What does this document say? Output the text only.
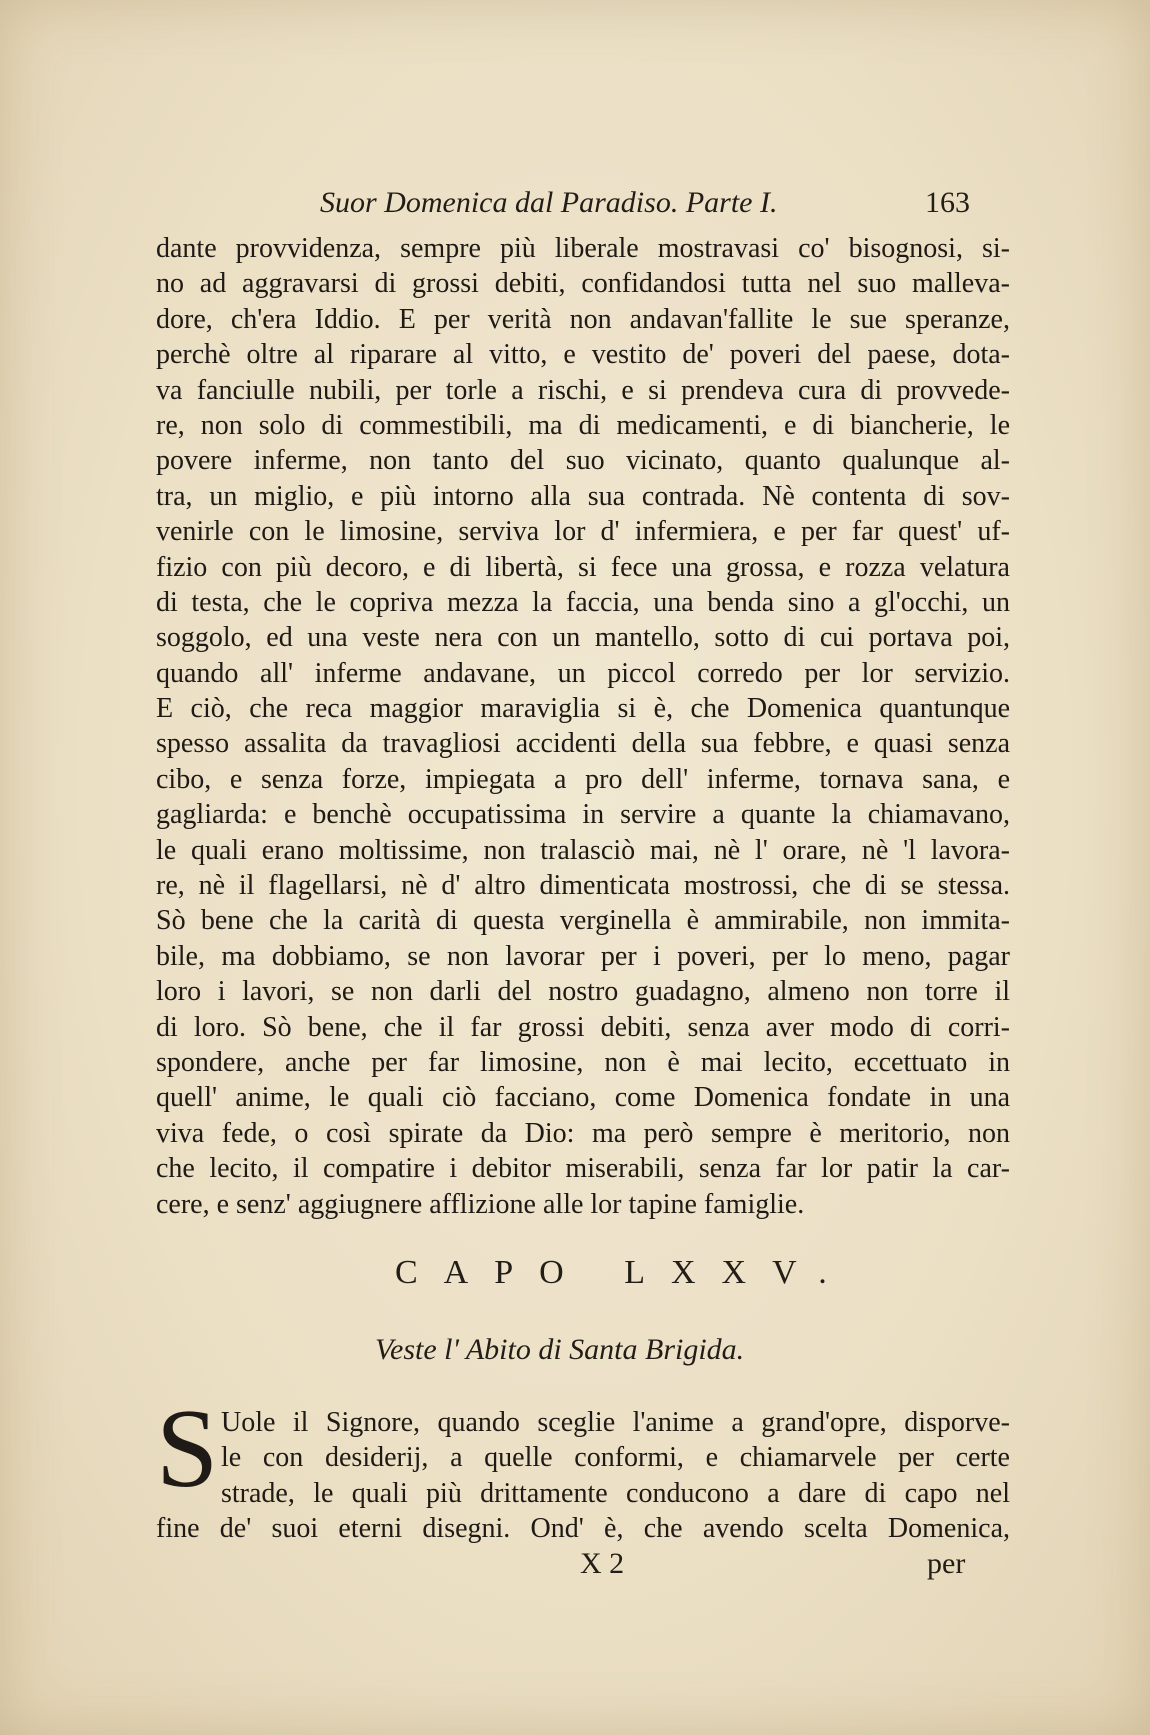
Suor Domenica dal Paradiso. Parte I.	163
dante provvidenza, sempre più liberale mostravasi co' bisognosi, si-
no ad aggravarsi di grossi debiti, confidandosi tutta nel suo malleva-
dore, ch'era Iddio. E per verità non andavan'fallite le sue speranze,
perchè oltre al riparare al vitto, e vestito de' poveri del paese, dota-
va fanciulle nubili, per torle a rischi, e si prendeva cura di provvede-
re, non solo di commestibili, ma di medicamenti, e di biancherie, le
povere inferme, non tanto del suo vicinato, quanto qualunque al-
tra, un miglio, e più intorno alla sua contrada. Nè contenta di sov-
venirle con le limosine, serviva lor d' infermiera, e per far quest' uf-
fizio con più decoro, e di libertà, si fece una grossa, e rozza velatura
di testa, che le copriva mezza la faccia, una benda sino a gl'occhi, un
soggolo, ed una veste nera con un mantello, sotto di cui portava poi,
quando all' inferme andavane, un piccol corredo per lor servizio.
E ciò, che reca maggior maraviglia si è, che Domenica quantunque
spesso assalita da travagliosi accidenti della sua febbre, e quasi senza
cibo, e senza forze, impiegata a pro dell' inferme, tornava sana, e
gagliarda: e benchè occupatissima in servire a quante la chiamavano,
le quali erano moltissime, non tralasciò mai, nè l' orare, nè 'l lavora-
re, nè il flagellarsi, nè d' altro dimenticata mostrossi, che di se stessa.
Sò bene che la carità di questa verginella è ammirabile, non immita-
bile, ma dobbiamo, se non lavorar per i poveri, per lo meno, pagar
loro i lavori, se non darli del nostro guadagno, almeno non torre il
di loro. Sò bene, che il far grossi debiti, senza aver modo di corri-
spondere, anche per far limosine, non è mai lecito, eccettuato in
quell' anime, le quali ciò facciano, come Domenica fondate in una
viva fede, o così spirate da Dio: ma però sempre è meritorio, non
che lecito, il compatire i debitor miserabili, senza far lor patir la car-
cere, e senz' aggiugnere afflizione alle lor tapine famiglie.
CAPO LXXV.
Veste l' Abito di Santa Brigida.
S Uole il Signore, quando sceglie l'anime a grand'opre, disporve-
le con desiderij, a quelle conformi, e chiamarvele per certe
strade, le quali più drittamente conducono a dare di capo nel
fine de' suoi eterni disegni. Ond' è, che avendo scelta Domenica,
X 2	per
